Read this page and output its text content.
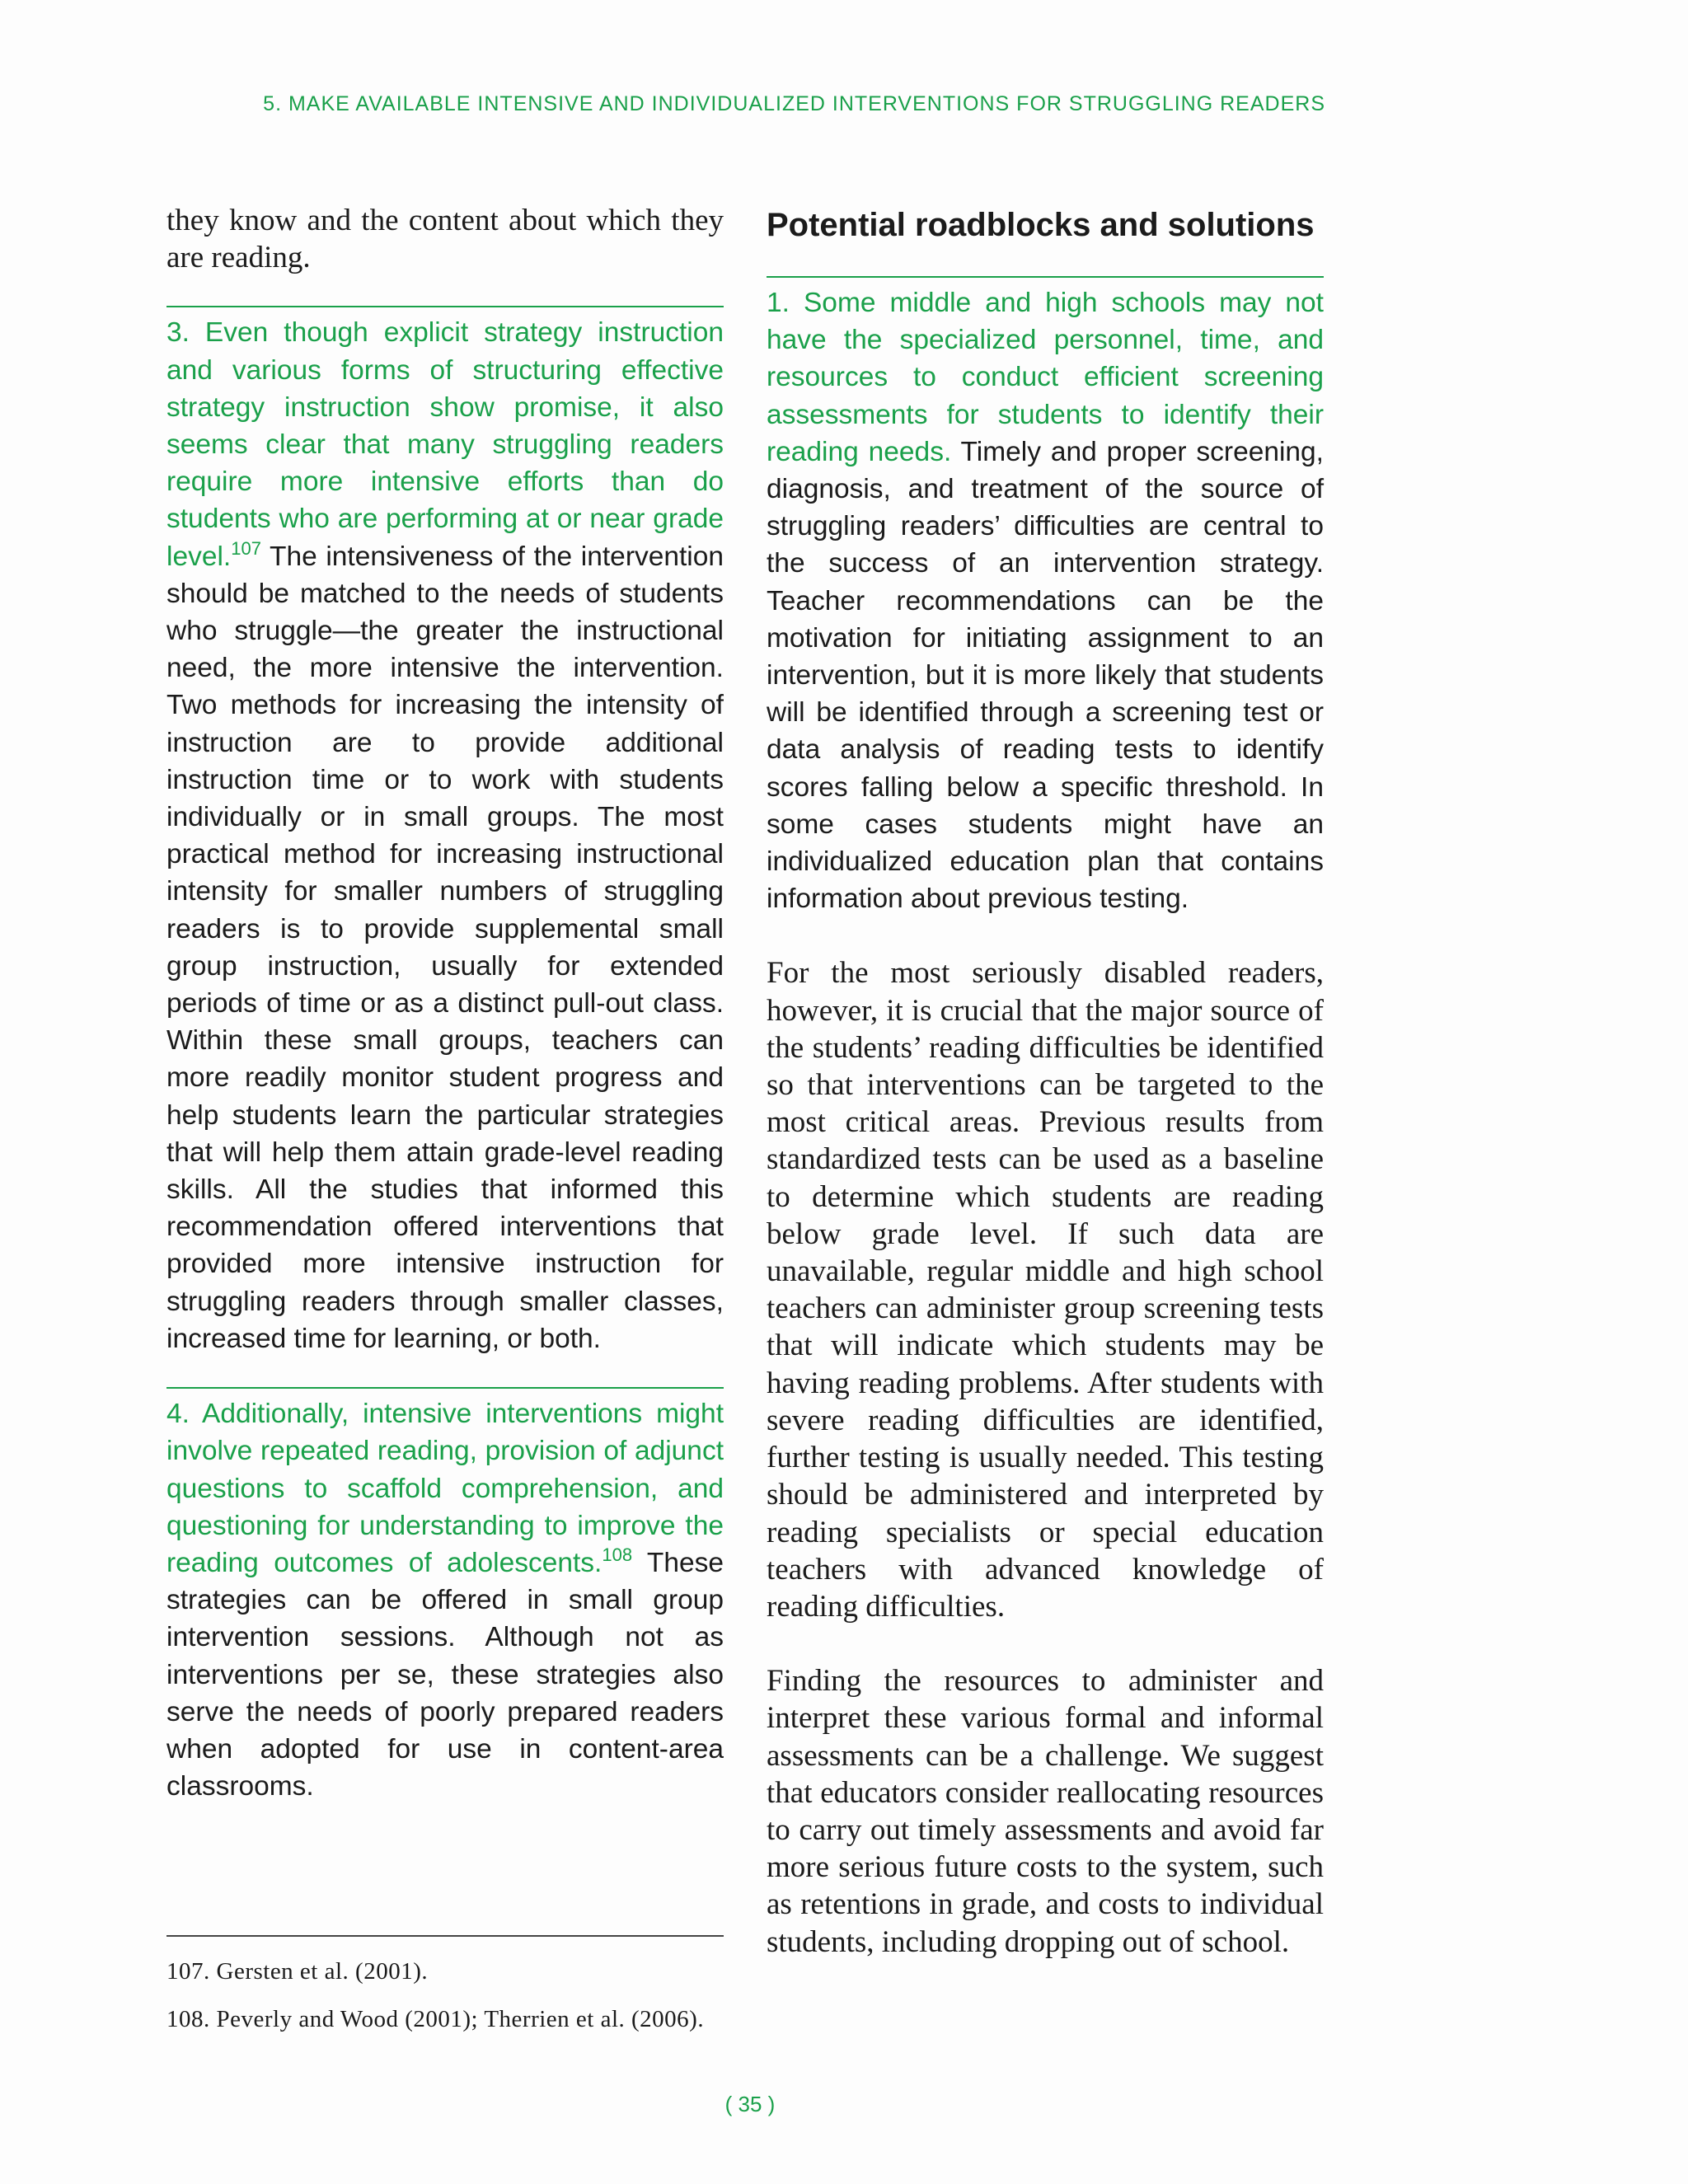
5. MAKE AVAILABLE INTENSIVE AND INDIVIDUALIZED INTERVENTIONS FOR STRUGGLING READERS

they know and the content about which they are reading.

3. Even though explicit strategy instruction and various forms of structuring effective strategy instruction show promise, it also seems clear that many struggling readers require more intensive efforts than do students who are performing at or near grade level.$^{107}$ The intensiveness of the intervention should be matched to the needs of students who struggle—the greater the instructional need, the more intensive the intervention. Two methods for increasing the intensity of instruction are to provide additional instruction time or to work with students individually or in small groups. The most practical method for increasing instructional intensity for smaller numbers of struggling readers is to provide supplemental small group instruction, usually for extended periods of time or as a distinct pull-out class. Within these small groups, teachers can more readily monitor student progress and help students learn the particular strategies that will help them attain grade-level reading skills. All the studies that informed this recommendation offered interventions that provided more intensive instruction for struggling readers through smaller classes, increased time for learning, or both.

4. Additionally, intensive interventions might involve repeated reading, provision of adjunct questions to scaffold comprehension, and questioning for understanding to improve the reading outcomes of adolescents.$^{108}$ These strategies can be offered in small group intervention sessions. Although not as interventions per se, these strategies also serve the needs of poorly prepared readers when adopted for use in content-area classrooms.

Potential roadblocks and solutions

1. Some middle and high schools may not have the specialized personnel, time, and resources to conduct efficient screening assessments for students to identify their reading needs. Timely and proper screening, diagnosis, and treatment of the source of struggling readers’ difficulties are central to the success of an intervention strategy. Teacher recommendations can be the motivation for initiating assignment to an intervention, but it is more likely that students will be identified through a screening test or data analysis of reading tests to identify scores falling below a specific threshold. In some cases students might have an individualized education plan that contains information about previous testing.

For the most seriously disabled readers, however, it is crucial that the major source of the students’ reading difficulties be identified so that interventions can be targeted to the most critical areas. Previous results from standardized tests can be used as a baseline to determine which students are reading below grade level. If such data are unavailable, regular middle and high school teachers can administer group screening tests that will indicate which students may be having reading problems. After students with severe reading difficulties are identified, further testing is usually needed. This testing should be administered and interpreted by reading specialists or special education teachers with advanced knowledge of reading difficulties.

Finding the resources to administer and interpret these various formal and informal assessments can be a challenge. We suggest that educators consider reallocating resources to carry out timely assessments and avoid far more serious future costs to the system, such as retentions in grade, and costs to individual students, including dropping out of school.

107. Gersten et al. (2001).

108. Peverly and Wood (2001); Therrien et al. (2006).

( 35 )
